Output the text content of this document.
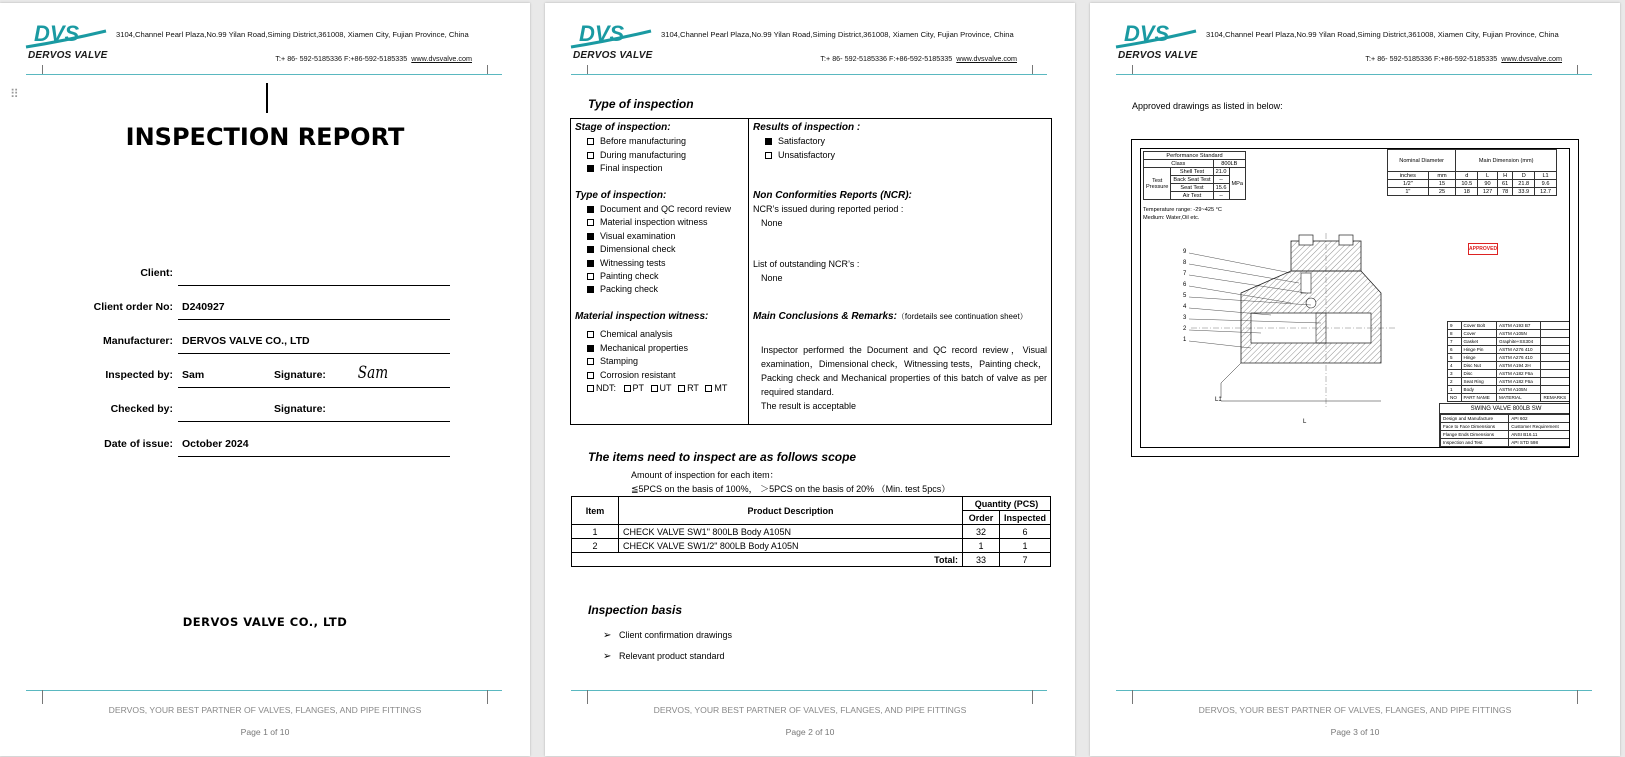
DVS
DERVOS VALVE
3104,Channel Pearl Plaza,No.99 Yilan Road,Siming District,361008, Xiamen City, Fujian Province, China
T:+ 86- 592-5185336 F:+86-592-5185335 www.dvsvalve.com
⠿
INSPECTION REPORT
Client:
Client order No: D240927
Manufacturer: DERVOS VALVE CO., LTD
Inspected by: Sam	Signature: Sam
Checked by:	Signature:
Date of issue: October 2024
DERVOS VALVE CO., LTD
DERVOS, YOUR BEST PARTNER OF VALVES, FLANGES, AND PIPE FITTINGS
Page 1 of 10
DVS
DERVOS VALVE
3104,Channel Pearl Plaza,No.99 Yilan Road,Siming District,361008, Xiamen City, Fujian Province, China
T:+ 86- 592-5185336 F:+86-592-5185335 www.dvsvalve.com
Type of inspection
Stage of inspection:
Before manufacturing
During manufacturing
Final inspection
Type of inspection:
Document and QC record review
Material inspection witness
Visual examination
Dimensional check
Witnessing tests
Painting check
Packing check
Material inspection witness:
Chemical analysis
Mechanical properties
Stamping
Corrosion resistant
NDT: PT UT RT MT
Results of inspection :
Satisfactory
Unsatisfactory
Non Conformities Reports (NCR):
NCR’s issued during reported period :
None
List of outstanding NCR’s :
None
Main Conclusions & Remarks:（fordetails see continuation sheet）
Inspector performed the Document and QC record review，Visual examination，Dimensional check，Witnessing tests，Painting check，Packing check and Mechanical properties of this batch of valve as per required standard.
The result is acceptable
The items need to inspect are as follows scope
Amount of inspection for each item：
≦5PCS on the basis of 100%， ＞5PCS on the basis of 20% （Min. test 5pcs）
Item	Product Description	Quantity (PCS)	
		Order	Inspected
1	CHECK VALVE SW1" 800LB Body A105N	32	6
2	CHECK VALVE SW1/2" 800LB Body A105N	1	1
Total:		33	7
Inspection basis
➢ Client confirmation drawings
➢ Relevant product standard
DERVOS, YOUR BEST PARTNER OF VALVES, FLANGES, AND PIPE FITTINGS
Page 2 of 10
DVS
DERVOS VALVE
3104,Channel Pearl Plaza,No.99 Yilan Road,Siming District,361008, Xiamen City, Fujian Province, China
T:+ 86- 592-5185336 F:+86-592-5185335 www.dvsvalve.com
Approved drawings as listed in below:
Performance Standard			
Class		800LB	
Test Pressure	Shell Test	21.0	MPa
	Back Seat Test	--	
	Seat Test	15.6	
	Air Test	--	
Temperature range: -29~425 °C
Medium: Water,Oil etc.
Nominal Diameter		Main Dimension (mm)				
inches	mm	d	L	H	D	L1
1/2"	15	10.5	90	61	21.8	9.6
1"	25	18	127	78	33.9	12.7
APPROVED
9
8
7
6
5
4
3
2
1
L1
L
9	Cover Bolt	ASTM A193 B7	
8	Cover	ASTM A105N	
7	Gasket	Graphite+SS304	
6	Hinge Pin	ASTM A276 410	
5	Hinge	ASTM A276 410	
4	Disc Nut	ASTM A194 2H	
3	Disc	ASTM A182 F6a	
2	Seat Ring	ASTM A182 F6a	
1	Body	ASTM A105N	
NO	PART NAME	MATERIAL	REMARKS
SWING VALVE 800LB SW
Design and Manufacture	API 602
Face to Face Dimensions	Customer Requirement
Flange Ends Dimensions	ANSI B16.11
Inspection and Test	API STD 598
DERVOS, YOUR BEST PARTNER OF VALVES, FLANGES, AND PIPE FITTINGS
Page 3 of 10
